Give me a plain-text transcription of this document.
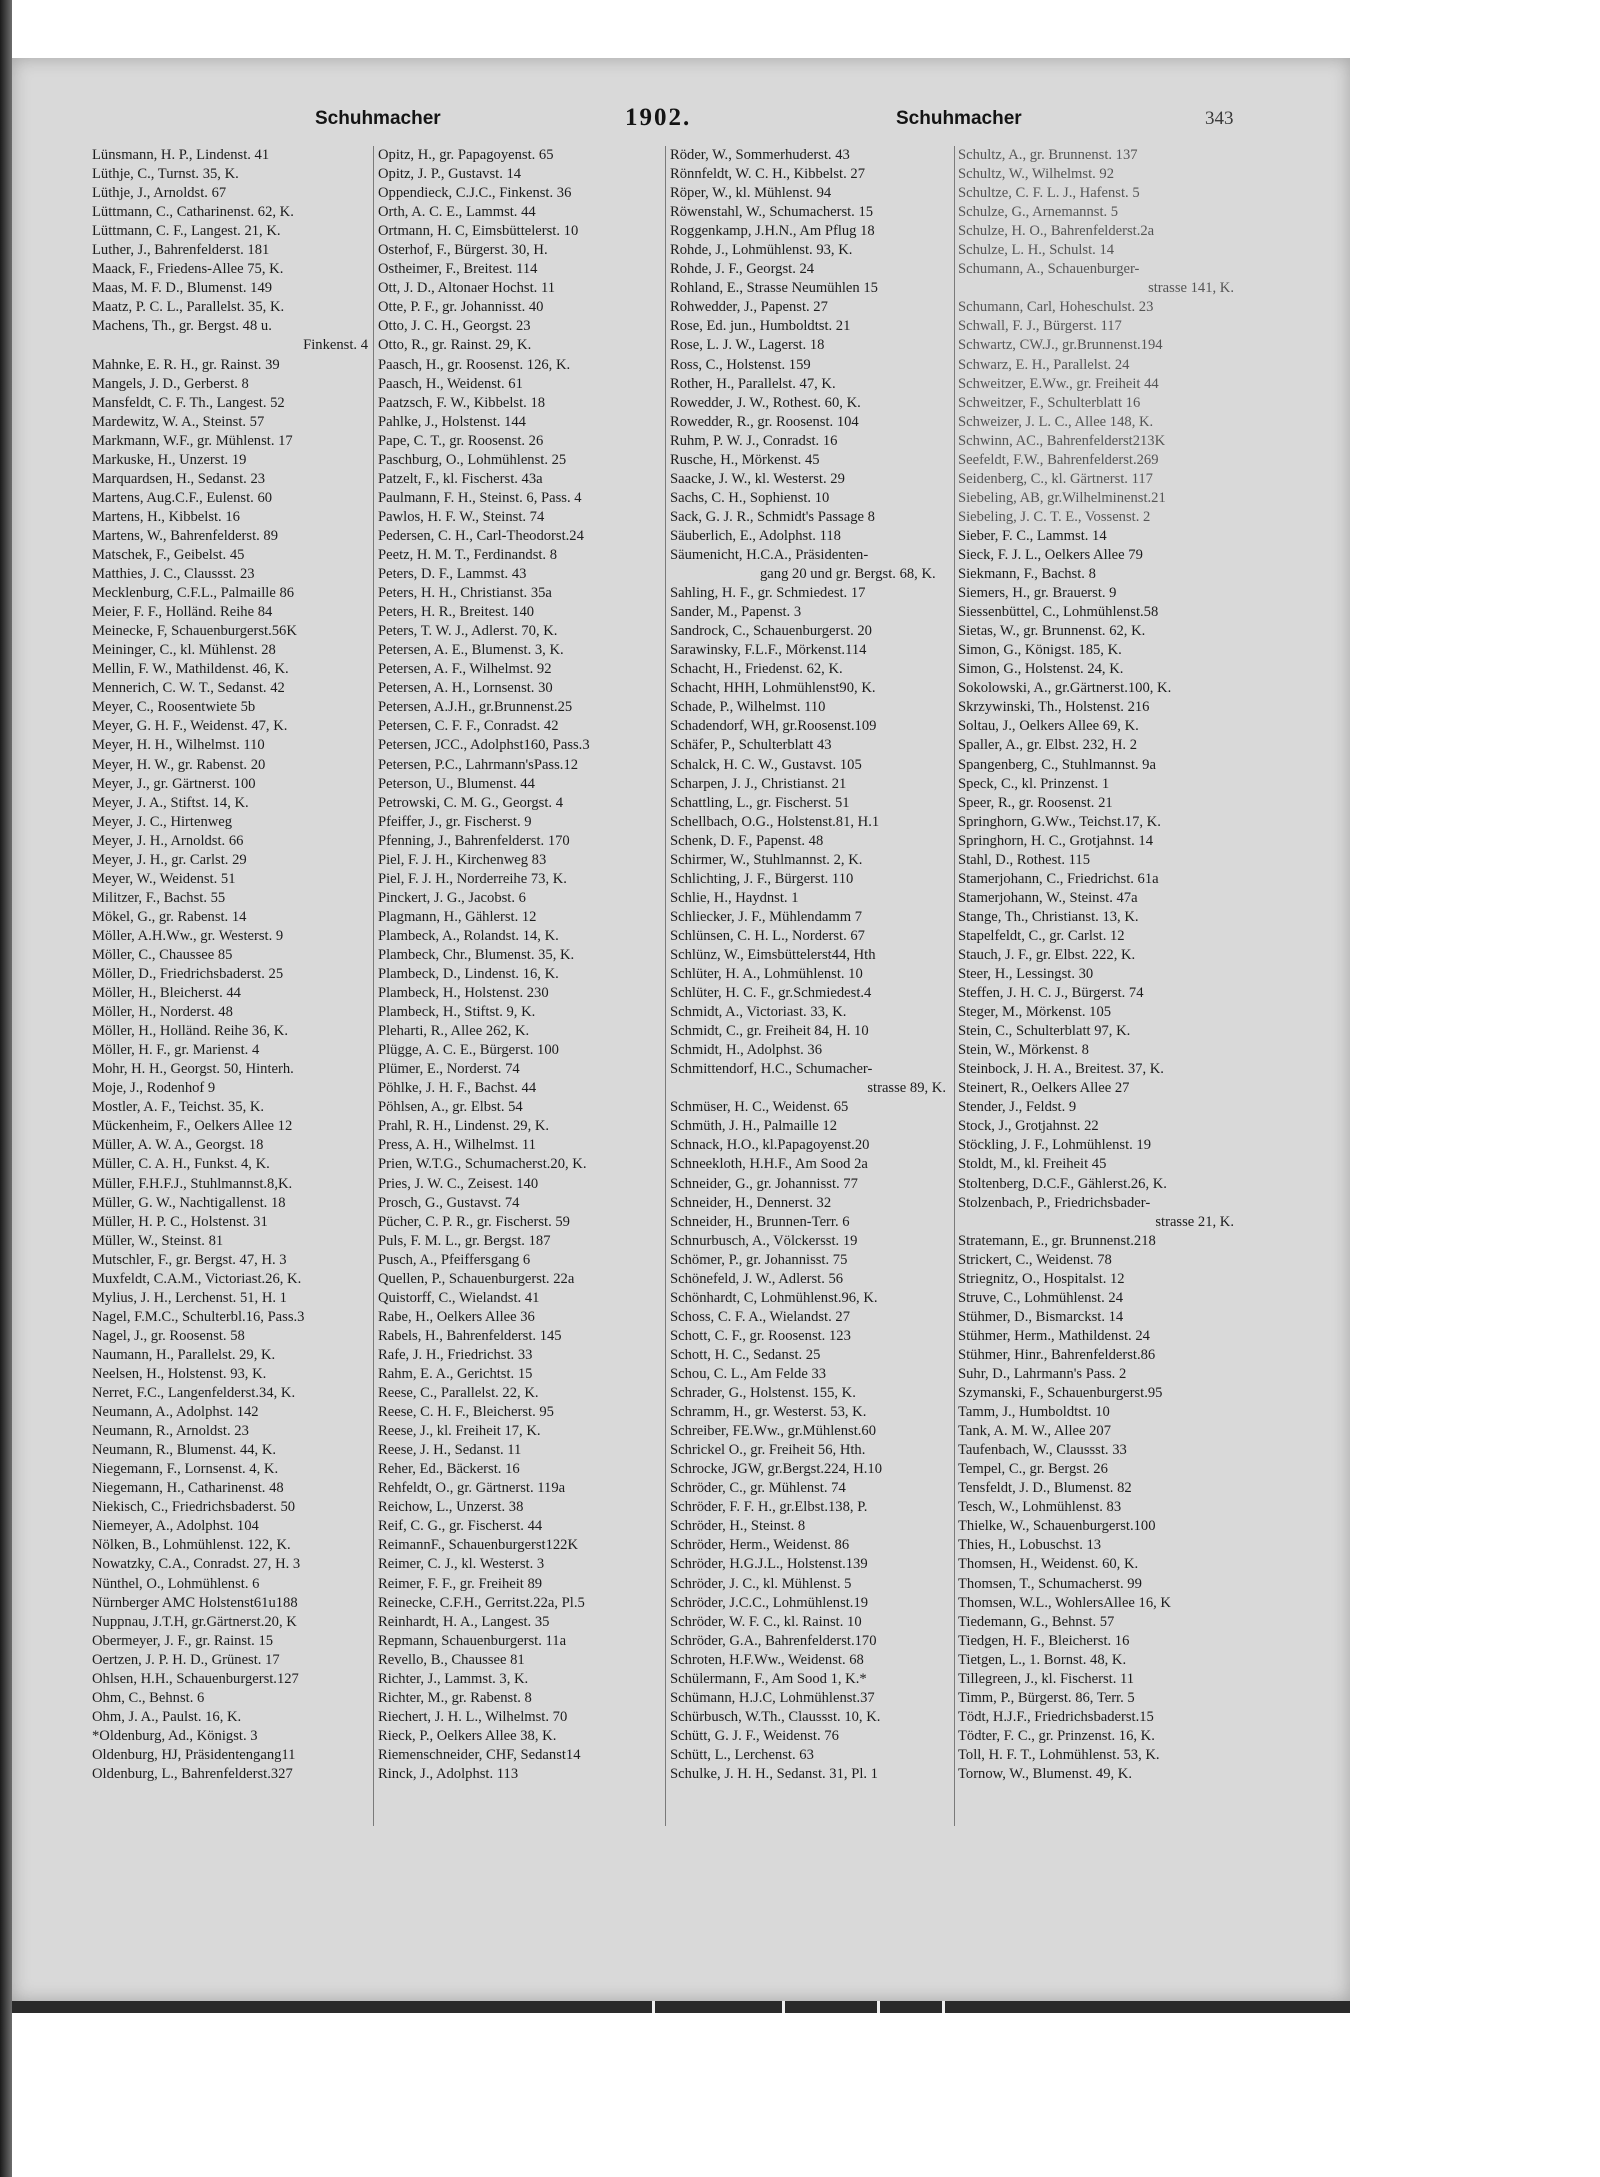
Schuhmacher	1902.	Schuhmacher	343
Lünsmann, H. P., Lindenst. 41
Lüthje, C., Turnst. 35, K.
Lüthje, J., Arnoldst. 67
Lüttmann, C., Catharinenst. 62, K.
Lüttmann, C. F., Langest. 21, K.
Luther, J., Bahrenfelderst. 181
Maack, F., Friedens-Allee 75, K.
Maas, M. F. D., Blumenst. 149
Maatz, P. C. L., Parallelst. 35, K.
Machens, Th., gr. Bergst. 48 u.
Finkenst. 4
Mahnke, E. R. H., gr. Rainst. 39
Mangels, J. D., Gerberst. 8
Mansfeldt, C. F. Th., Langest. 52
Mardewitz, W. A., Steinst. 57
Markmann, W.F., gr. Mühlenst. 17
Markuske, H., Unzerst. 19
Marquardsen, H., Sedanst. 23
Martens, Aug.C.F., Eulenst. 60
Martens, H., Kibbelst. 16
Martens, W., Bahrenfelderst. 89
Matschek, F., Geibelst. 45
Matthies, J. C., Claussst. 23
Mecklenburg, C.F.L., Palmaille 86
Meier, F. F., Holländ. Reihe 84
Meinecke, F, Schauenburgerst.56K
Meininger, C., kl. Mühlenst. 28
Mellin, F. W., Mathildenst. 46, K.
Mennerich, C. W. T., Sedanst. 42
Meyer, C., Roosentwiete 5b
Meyer, G. H. F., Weidenst. 47, K.
Meyer, H. H., Wilhelmst. 110
Meyer, H. W., gr. Rabenst. 20
Meyer, J., gr. Gärtnerst. 100
Meyer, J. A., Stiftst. 14, K.
Meyer, J. C., Hirtenweg
Meyer, J. H., Arnoldst. 66
Meyer, J. H., gr. Carlst. 29
Meyer, W., Weidenst. 51
Militzer, F., Bachst. 55
Mökel, G., gr. Rabenst. 14
Möller, A.H.Ww., gr. Westerst. 9
Möller, C., Chaussee 85
Möller, D., Friedrichsbaderst. 25
Möller, H., Bleicherst. 44
Möller, H., Norderst. 48
Möller, H., Holländ. Reihe 36, K.
Möller, H. F., gr. Marienst. 4
Mohr, H. H., Georgst. 50, Hinterh.
Moje, J., Rodenhof 9
Mostler, A. F., Teichst. 35, K.
Mückenheim, F., Oelkers Allee 12
Müller, A. W. A., Georgst. 18
Müller, C. A. H., Funkst. 4, K.
Müller, F.H.F.J., Stuhlmannst.8,K.
Müller, G. W., Nachtigallenst. 18
Müller, H. P. C., Holstenst. 31
Müller, W., Steinst. 81
Mutschler, F., gr. Bergst. 47, H. 3
Muxfeldt, C.A.M., Victoriast.26, K.
Mylius, J. H., Lerchenst. 51, H. 1
Nagel, F.M.C., Schulterbl.16, Pass.3
Nagel, J., gr. Roosenst. 58
Naumann, H., Parallelst. 29, K.
Neelsen, H., Holstenst. 93, K.
Nerret, F.C., Langenfelderst.34, K.
Neumann, A., Adolphst. 142
Neumann, R., Arnoldst. 23
Neumann, R., Blumenst. 44, K.
Niegemann, F., Lornsenst. 4, K.
Niegemann, H., Catharinenst. 48
Niekisch, C., Friedrichsbaderst. 50
Niemeyer, A., Adolphst. 104
Nölken, B., Lohmühlenst. 122, K.
Nowatzky, C.A., Conradst. 27, H. 3
Nünthel, O., Lohmühlenst. 6
Nürnberger AMC Holstenst61u188
Nuppnau, J.T.H, gr.Gärtnerst.20, K
Obermeyer, J. F., gr. Rainst. 15
Oertzen, J. P. H. D., Grünest. 17
Ohlsen, H.H., Schauenburgerst.127
Ohm, C., Behnst. 6
Ohm, J. A., Paulst. 16, K.
*Oldenburg, Ad., Königst. 3
Oldenburg, HJ, Präsidentengang11
Oldenburg, L., Bahrenfelderst.327
Opitz, H., gr. Papagoyenst. 65
Opitz, J. P., Gustavst. 14
Oppendieck, C.J.C., Finkenst. 36
Orth, A. C. E., Lammst. 44
Ortmann, H. C, Eimsbüttelerst. 10
Osterhof, F., Bürgerst. 30, H.
Ostheimer, F., Breitest. 114
Ott, J. D., Altonaer Hochst. 11
Otte, P. F., gr. Johannisst. 40
Otto, J. C. H., Georgst. 23
Otto, R., gr. Rainst. 29, K.
Paasch, H., gr. Roosenst. 126, K.
Paasch, H., Weidenst. 61
Paatzsch, F. W., Kibbelst. 18
Pahlke, J., Holstenst. 144
Pape, C. T., gr. Roosenst. 26
Paschburg, O., Lohmühlenst. 25
Patzelt, F., kl. Fischerst. 43a
Paulmann, F. H., Steinst. 6, Pass. 4
Pawlos, H. F. W., Steinst. 74
Pedersen, C. H., Carl-Theodorst.24
Peetz, H. M. T., Ferdinandst. 8
Peters, D. F., Lammst. 43
Peters, H. H., Christianst. 35a
Peters, H. R., Breitest. 140
Peters, T. W. J., Adlerst. 70, K.
Petersen, A. E., Blumenst. 3, K.
Petersen, A. F., Wilhelmst. 92
Petersen, A. H., Lornsenst. 30
Petersen, A.J.H., gr.Brunnenst.25
Petersen, C. F. F., Conradst. 42
Petersen, JCC., Adolphst160, Pass.3
Petersen, P.C., Lahrmann'sPass.12
Peterson, U., Blumenst. 44
Petrowski, C. M. G., Georgst. 4
Pfeiffer, J., gr. Fischerst. 9
Pfenning, J., Bahrenfelderst. 170
Piel, F. J. H., Kirchenweg 83
Piel, F. J. H., Norderreihe 73, K.
Pinckert, J. G., Jacobst. 6
Plagmann, H., Gählerst. 12
Plambeck, A., Rolandst. 14, K.
Plambeck, Chr., Blumenst. 35, K.
Plambeck, D., Lindenst. 16, K.
Plambeck, H., Holstenst. 230
Plambeck, H., Stiftst. 9, K.
Pleharti, R., Allee 262, K.
Plügge, A. C. E., Bürgerst. 100
Plümer, E., Norderst. 74
Pöhlke, J. H. F., Bachst. 44
Pöhlsen, A., gr. Elbst. 54
Prahl, R. H., Lindenst. 29, K.
Press, A. H., Wilhelmst. 11
Prien, W.T.G., Schumacherst.20, K.
Pries, J. W. C., Zeisest. 140
Prosch, G., Gustavst. 74
Pücher, C. P. R., gr. Fischerst. 59
Puls, F. M. L., gr. Bergst. 187
Pusch, A., Pfeiffersgang 6
Quellen, P., Schauenburgerst. 22a
Quistorff, C., Wielandst. 41
Rabe, H., Oelkers Allee 36
Rabels, H., Bahrenfelderst. 145
Rafe, J. H., Friedrichst. 33
Rahm, E. A., Gerichtst. 15
Reese, C., Parallelst. 22, K.
Reese, C. H. F., Bleicherst. 95
Reese, J., kl. Freiheit 17, K.
Reese, J. H., Sedanst. 11
Reher, Ed., Bäckerst. 16
Rehfeldt, O., gr. Gärtnerst. 119a
Reichow, L., Unzerst. 38
Reif, C. G., gr. Fischerst. 44
ReimannF., Schauenburgerst122K
Reimer, C. J., kl. Westerst. 3
Reimer, F. F., gr. Freiheit 89
Reinecke, C.F.H., Gerritst.22a, Pl.5
Reinhardt, H. A., Langest. 35
Repmann, Schauenburgerst. 11a
Revello, B., Chaussee 81
Richter, J., Lammst. 3, K.
Richter, M., gr. Rabenst. 8
Riechert, J. H. L., Wilhelmst. 70
Rieck, P., Oelkers Allee 38, K.
Riemenschneider, CHF, Sedanst14
Rinck, J., Adolphst. 113
Röder, W., Sommerhuderst. 43
Rönnfeldt, W. C. H., Kibbelst. 27
Röper, W., kl. Mühlenst. 94
Röwenstahl, W., Schumacherst. 15
Roggenkamp, J.H.N., Am Pflug 18
Rohde, J., Lohmühlenst. 93, K.
Rohde, J. F., Georgst. 24
Rohland, E., Strasse Neumühlen 15
Rohwedder, J., Papenst. 27
Rose, Ed. jun., Humboldtst. 21
Rose, L. J. W., Lagerst. 18
Ross, C., Holstenst. 159
Rother, H., Parallelst. 47, K.
Rowedder, J. W., Rothest. 60, K.
Rowedder, R., gr. Roosenst. 104
Ruhm, P. W. J., Conradst. 16
Rusche, H., Mörkenst. 45
Saacke, J. W., kl. Westerst. 29
Sachs, C. H., Sophienst. 10
Sack, G. J. R., Schmidt's Passage 8
Säuberlich, E., Adolphst. 118
Säumenicht, H.C.A., Präsidenten-
gang 20 und gr. Bergst. 68, K.
Sahling, H. F., gr. Schmiedest. 17
Sander, M., Papenst. 3
Sandrock, C., Schauenburgerst. 20
Sarawinsky, F.L.F., Mörkenst.114
Schacht, H., Friedenst. 62, K.
Schacht, HHH, Lohmühlenst90, K.
Schade, P., Wilhelmst. 110
Schadendorf, WH, gr.Roosenst.109
Schäfer, P., Schulterblatt 43
Schalck, H. C. W., Gustavst. 105
Scharpen, J. J., Christianst. 21
Schattling, L., gr. Fischerst. 51
Schellbach, O.G., Holstenst.81, H.1
Schenk, D. F., Papenst. 48
Schirmer, W., Stuhlmannst. 2, K.
Schlichting, J. F., Bürgerst. 110
Schlie, H., Haydnst. 1
Schliecker, J. F., Mühlendamm 7
Schlünsen, C. H. L., Norderst. 67
Schlünz, W., Eimsbüttelerst44, Hth
Schlüter, H. A., Lohmühlenst. 10
Schlüter, H. C. F., gr.Schmiedest.4
Schmidt, A., Victoriast. 33, K.
Schmidt, C., gr. Freiheit 84, H. 10
Schmidt, H., Adolphst. 36
Schmittendorf, H.C., Schumacher-
strasse 89, K.
Schmüser, H. C., Weidenst. 65
Schmüth, J. H., Palmaille 12
Schnack, H.O., kl.Papagoyenst.20
Schneekloth, H.H.F., Am Sood 2a
Schneider, G., gr. Johannisst. 77
Schneider, H., Dennerst. 32
Schneider, H., Brunnen-Terr. 6
Schnurbusch, A., Völckersst. 19
Schömer, P., gr. Johannisst. 75
Schönefeld, J. W., Adlerst. 56
Schönhardt, C, Lohmühlenst.96, K.
Schoss, C. F. A., Wielandst. 27
Schott, C. F., gr. Roosenst. 123
Schott, H. C., Sedanst. 25
Schou, C. L., Am Felde 33
Schrader, G., Holstenst. 155, K.
Schramm, H., gr. Westerst. 53, K.
Schreiber, FE.Ww., gr.Mühlenst.60
Schrickel O., gr. Freiheit 56, Hth.
Schrocke, JGW, gr.Bergst.224, H.10
Schröder, C., gr. Mühlenst. 74
Schröder, F. F. H., gr.Elbst.138, P.
Schröder, H., Steinst. 8
Schröder, Herm., Weidenst. 86
Schröder, H.G.J.L., Holstenst.139
Schröder, J. C., kl. Mühlenst. 5
Schröder, J.C.C., Lohmühlenst.19
Schröder, W. F. C., kl. Rainst. 10
Schröder, G.A., Bahrenfelderst.170
Schroten, H.F.Ww., Weidenst. 68
Schülermann, F., Am Sood 1, K.*
Schümann, H.J.C, Lohmühlenst.37
Schürbusch, W.Th., Claussst. 10, K.
Schütt, G. J. F., Weidenst. 76
Schütt, L., Lerchenst. 63
Schulke, J. H. H., Sedanst. 31, Pl. 1
Schultz, A., gr. Brunnenst. 137
Schultz, W., Wilhelmst. 92
Schultze, C. F. L. J., Hafenst. 5
Schulze, G., Arnemannst. 5
Schulze, H. O., Bahrenfelderst.2a
Schulze, L. H., Schulst. 14
Schumann, A., Schauenburger-
strasse 141, K.
Schumann, Carl, Hoheschulst. 23
Schwall, F. J., Bürgerst. 117
Schwartz, CW.J., gr.Brunnenst.194
Schwarz, E. H., Parallelst. 24
Schweitzer, E.Ww., gr. Freiheit 44
Schweitzer, F., Schulterblatt 16
Schweizer, J. L. C., Allee 148, K.
Schwinn, AC., Bahrenfelderst213K
Seefeldt, F.W., Bahrenfelderst.269
Seidenberg, C., kl. Gärtnerst. 117
Siebeling, AB, gr.Wilhelminenst.21
Siebeling, J. C. T. E., Vossenst. 2
Sieber, F. C., Lammst. 14
Sieck, F. J. L., Oelkers Allee 79
Siekmann, F., Bachst. 8
Siemers, H., gr. Brauerst. 9
Siessenbüttel, C., Lohmühlenst.58
Sietas, W., gr. Brunnenst. 62, K.
Simon, G., Königst. 185, K.
Simon, G., Holstenst. 24, K.
Sokolowski, A., gr.Gärtnerst.100, K.
Skrzywinski, Th., Holstenst. 216
Soltau, J., Oelkers Allee 69, K.
Spaller, A., gr. Elbst. 232, H. 2
Spangenberg, C., Stuhlmannst. 9a
Speck, C., kl. Prinzenst. 1
Speer, R., gr. Roosenst. 21
Springhorn, G.Ww., Teichst.17, K.
Springhorn, H. C., Grotjahnst. 14
Stahl, D., Rothest. 115
Stamerjohann, C., Friedrichst. 61a
Stamerjohann, W., Steinst. 47a
Stange, Th., Christianst. 13, K.
Stapelfeldt, C., gr. Carlst. 12
Stauch, J. F., gr. Elbst. 222, K.
Steer, H., Lessingst. 30
Steffen, J. H. C. J., Bürgerst. 74
Steger, M., Mörkenst. 105
Stein, C., Schulterblatt 97, K.
Stein, W., Mörkenst. 8
Steinbock, J. H. A., Breitest. 37, K.
Steinert, R., Oelkers Allee 27
Stender, J., Feldst. 9
Stock, J., Grotjahnst. 22
Stöckling, J. F., Lohmühlenst. 19
Stoldt, M., kl. Freiheit 45
Stoltenberg, D.C.F., Gählerst.26, K.
Stolzenbach, P., Friedrichsbader-
strasse 21, K.
Stratemann, E., gr. Brunnenst.218
Strickert, C., Weidenst. 78
Striegnitz, O., Hospitalst. 12
Struve, C., Lohmühlenst. 24
Stühmer, D., Bismarckst. 14
Stühmer, Herm., Mathildenst. 24
Stühmer, Hinr., Bahrenfelderst.86
Suhr, D., Lahrmann's Pass. 2
Szymanski, F., Schauenburgerst.95
Tamm, J., Humboldtst. 10
Tank, A. M. W., Allee 207
Taufenbach, W., Claussst. 33
Tempel, C., gr. Bergst. 26
Tensfeldt, J. D., Blumenst. 82
Tesch, W., Lohmühlenst. 83
Thielke, W., Schauenburgerst.100
Thies, H., Lobuschst. 13
Thomsen, H., Weidenst. 60, K.
Thomsen, T., Schumacherst. 99
Thomsen, W.L., WohlersAllee 16, K
Tiedemann, G., Behnst. 57
Tiedgen, H. F., Bleicherst. 16
Tietgen, L., 1. Bornst. 48, K.
Tillegreen, J., kl. Fischerst. 11
Timm, P., Bürgerst. 86, Terr. 5
Tödt, H.J.F., Friedrichsbaderst.15
Tödter, F. C., gr. Prinzenst. 16, K.
Toll, H. F. T., Lohmühlenst. 53, K.
Tornow, W., Blumenst. 49, K.
